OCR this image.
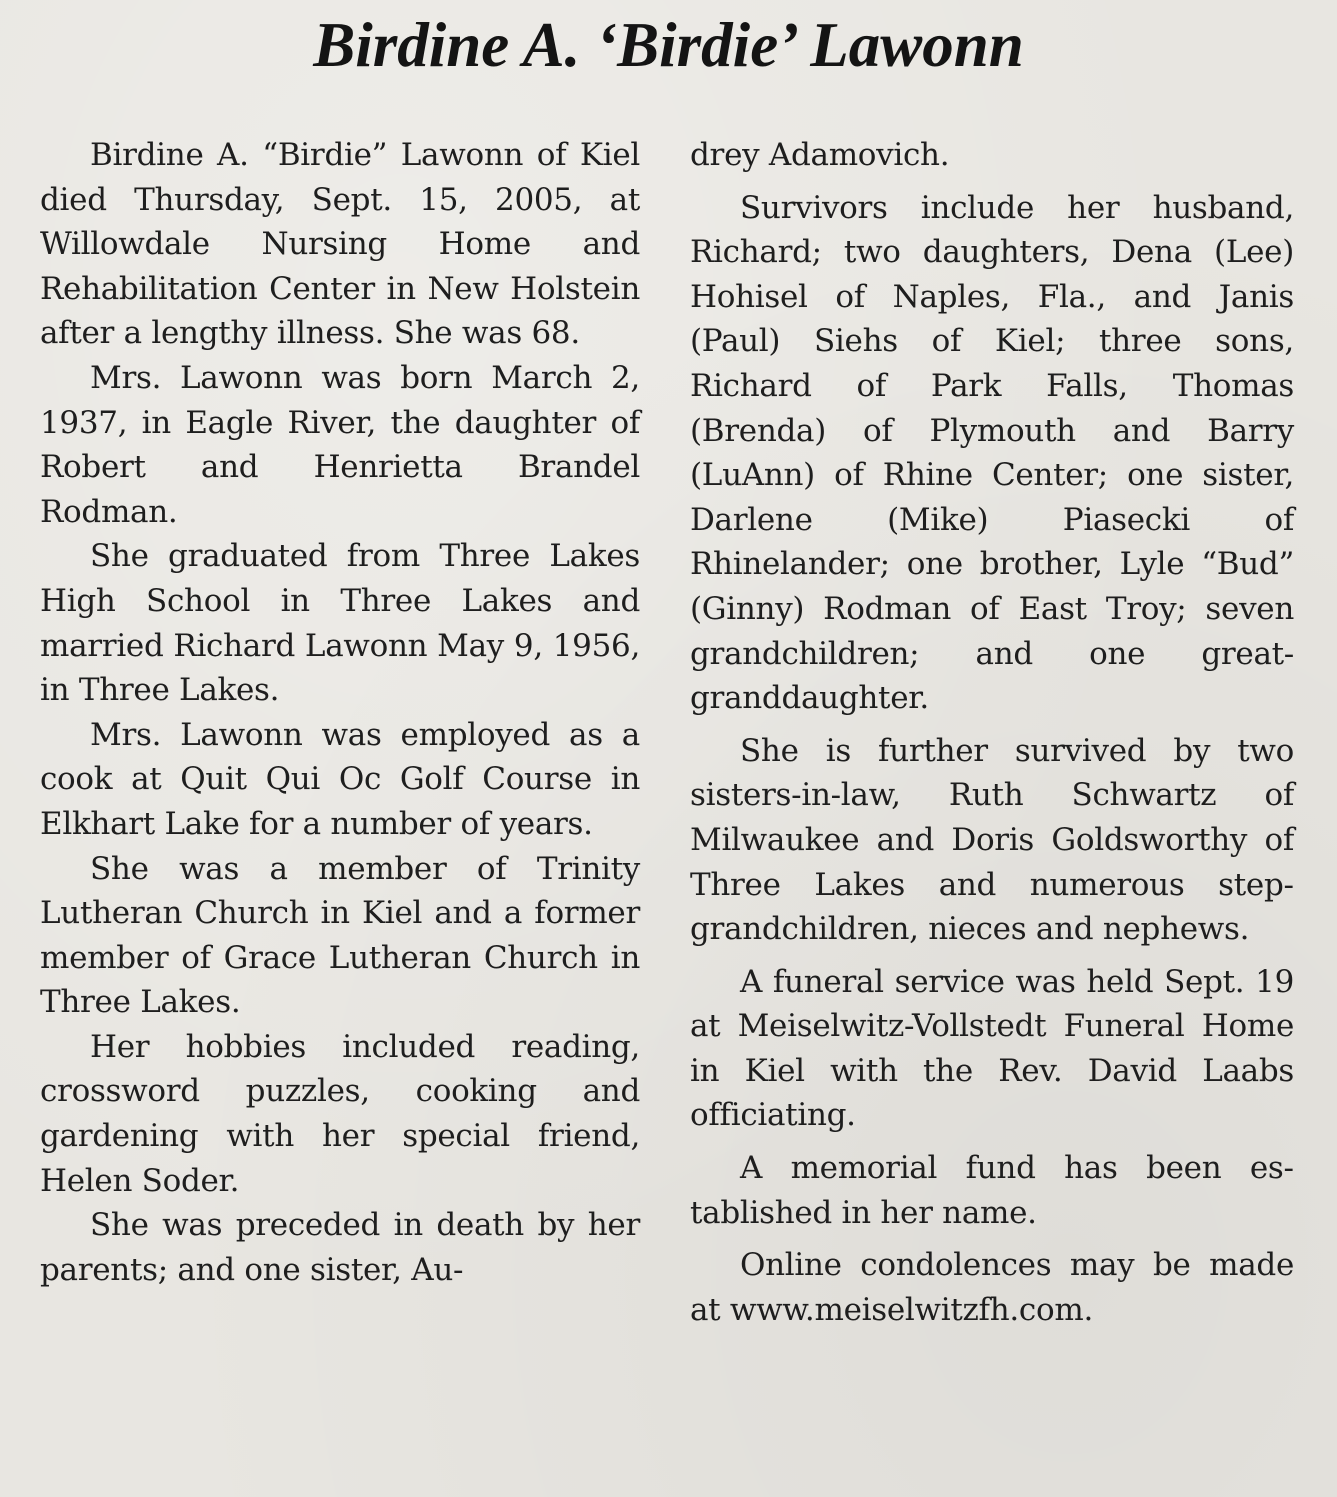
Birdine A. ‘Birdie’ Lawonn

Birdine A. “Birdie” Lawonn of Kiel died Thursday, Sept. 15, 2005, at Willowdale Nursing Home and Rehabilitation Center in New Holstein after a lengthy illness. She was 68.

Mrs. Lawonn was born March 2, 1937, in Eagle River, the daughter of Robert and Henrietta Brandel Rodman.

She graduated from Three Lakes High School in Three Lakes and married Richard Lawonn May 9, 1956, in Three Lakes.

Mrs. Lawonn was employed as a cook at Quit Qui Oc Golf Course in Elkhart Lake for a number of years.

She was a member of Trinity Lutheran Church in Kiel and a former member of Grace Lutheran Church in Three Lakes.

Her hobbies included reading, crossword puzzles, cooking and gardening with her special friend, Helen Soder.

She was preceded in death by her parents; and one sister, Au-

drey Adamovich.

Survivors include her husband, Richard; two daughters, Dena (Lee) Hohisel of Naples, Fla., and Janis (Paul) Siehs of Kiel; three sons, Richard of Park Falls, Thomas (Brenda) of Plymouth and Barry (LuAnn) of Rhine Center; one sister, Darlene (Mike) Piasecki of Rhinelander; one brother, Lyle “Bud” (Ginny) Rodman of East Troy; seven grandchildren; and one great-granddaughter.

She is further survived by two sisters-in-law, Ruth Schwartz of Milwaukee and Doris Goldsworthy of Three Lakes and numerous stepgrandchildren, nieces and nephews.

A funeral service was held Sept. 19 at Meiselwitz-Vollstedt Funeral Home in Kiel with the Rev. David Laabs officiating.

A memorial fund has been established in her name.

Online condolences may be made at www.meiselwitzfh.com.
